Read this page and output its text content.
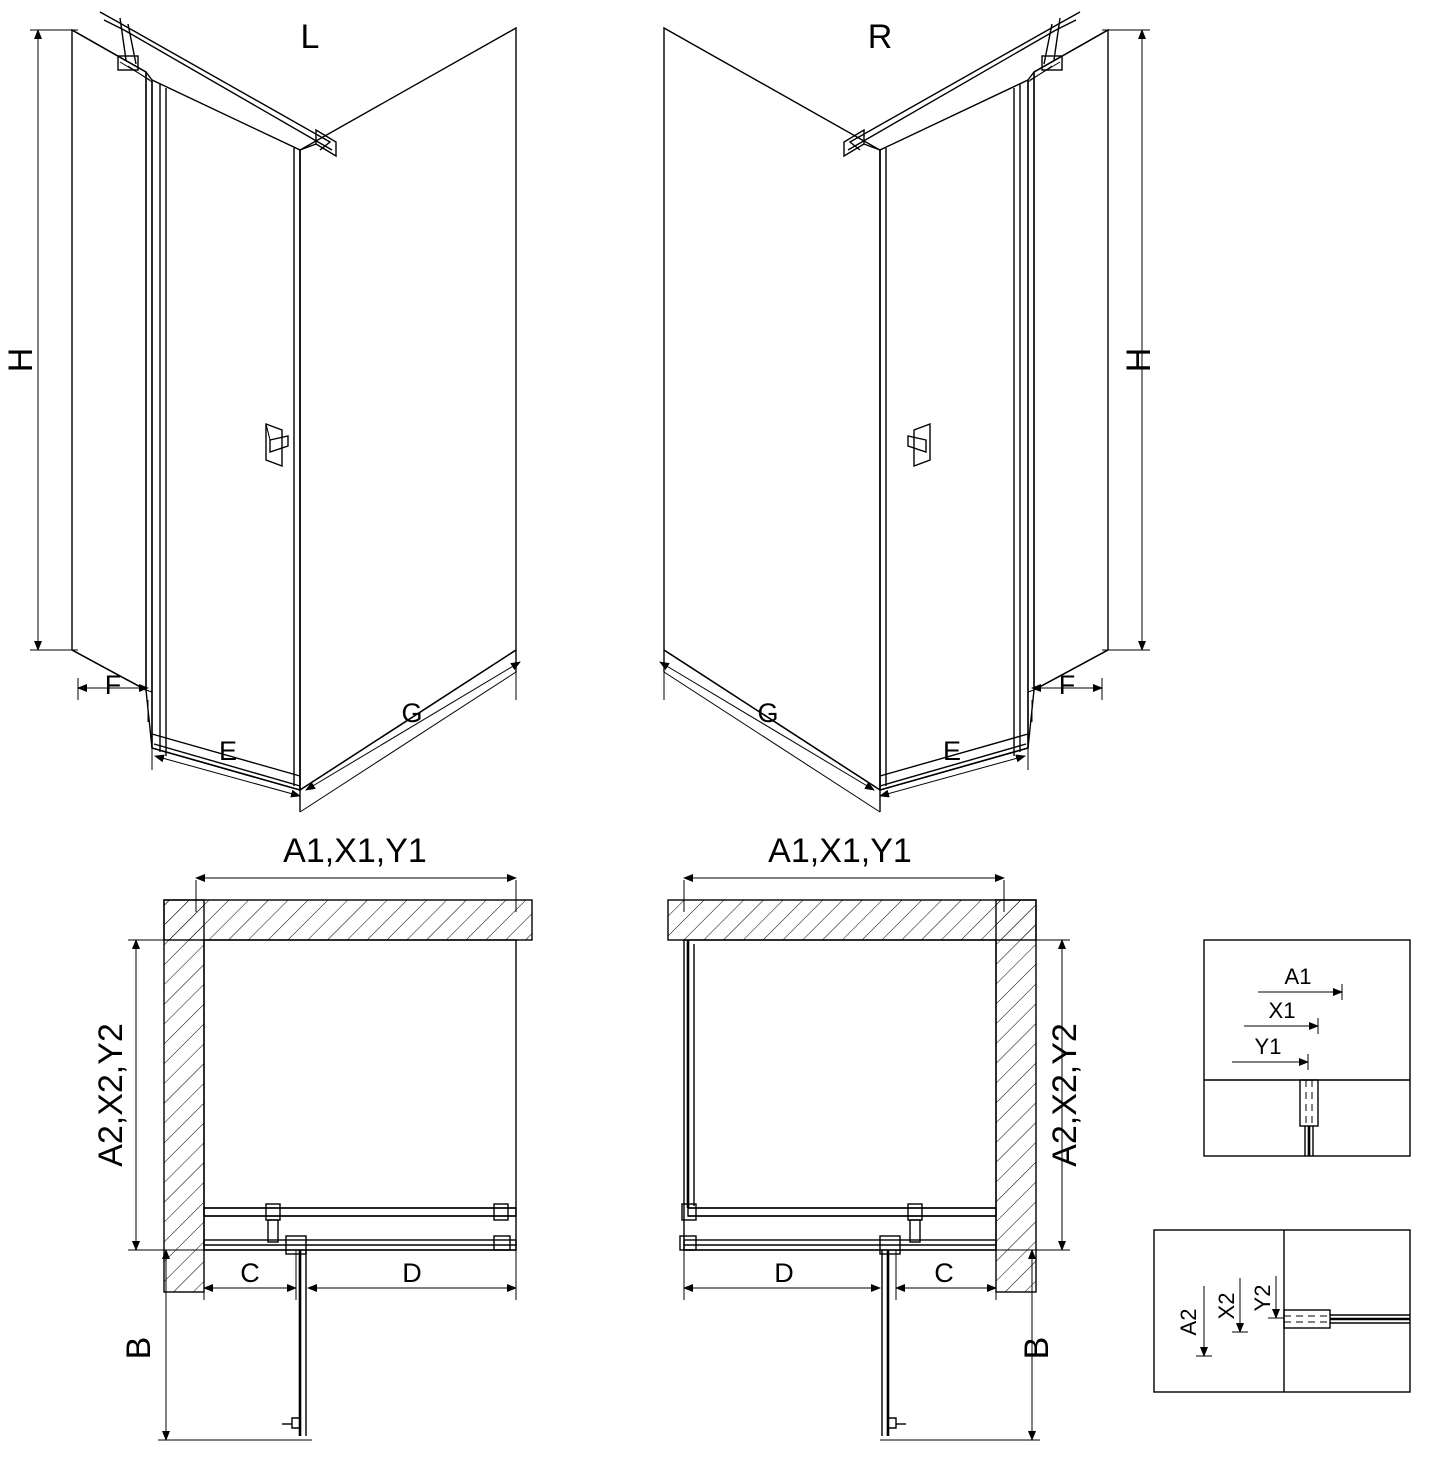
H
F
E
G
L
H
F
E
G
R
A1,X1,Y1
A2,X2,Y2
B
C	D
A1,X1,Y1
A2,X2,Y2
B
D	C
A1
X1
Y1
A2
X2 Y2
